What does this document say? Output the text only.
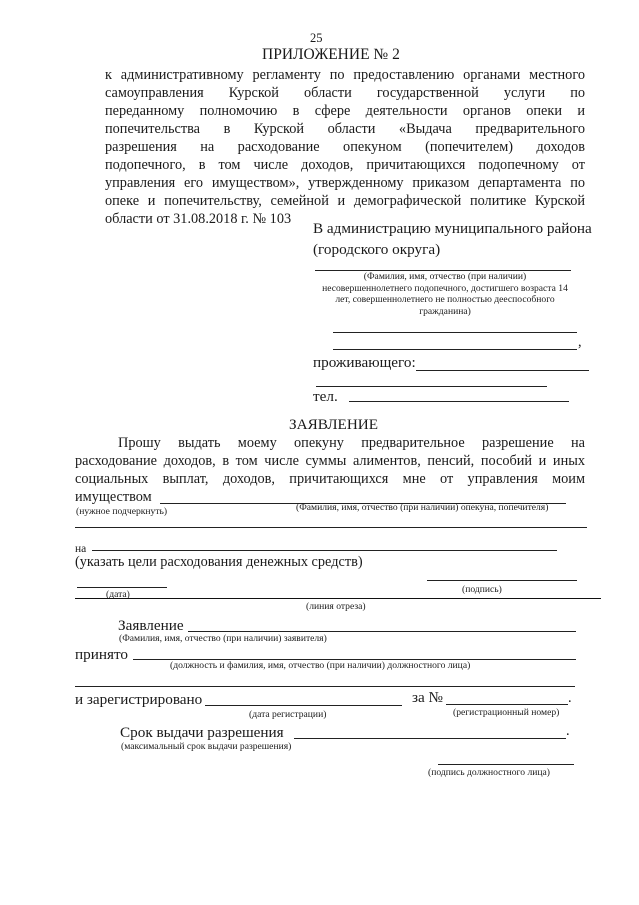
25
ПРИЛОЖЕНИЕ № 2
к административному регламенту по предоставлению органами местного
самоуправления Курской области государственной услуги по
переданному полномочию в сфере деятельности органов опеки и
попечительства в Курской области «Выдача предварительного
разрешения на расходование опекуном (попечителем) доходов
подопечного, в том числе доходов, причитающихся подопечному от
управления его имуществом», утвержденному приказом департамента по
опеке и попечительству, семейной и демографической политике Курской
области от 31.08.2018 г. № 103
В администрацию муниципального района
(городского округа)
(Фамилия, имя, отчество (при наличии)
несовершеннолетнего подопечного, достигшего возраста 14
лет, совершеннолетнего не полностью дееспособного
гражданина)
,
проживающего:
тел.
ЗАЯВЛЕНИЕ
Прошу выдать моему опекуну предварительное разрешение на
расходование доходов, в том числе суммы алиментов, пенсий, пособий и иных
социальных выплат, доходов, причитающихся мне от управления моим
имуществом
(нужное подчеркнуть)	(Фамилия, имя, отчество (при наличии) опекуна, попечителя)
на
(указать цели расходования денежных средств)
(дата)	(подпись)
(линия отреза)
Заявление
(Фамилия, имя, отчество (при наличии) заявителя)
принято
(должность и фамилия, имя, отчество (при наличии) должностного лица)
и зарегистрировано	за №	.
(дата регистрации)	(регистрационный номер)
Срок выдачи разрешения	.
(максимальный срок выдачи разрешения)
(подпись должностного лица)
